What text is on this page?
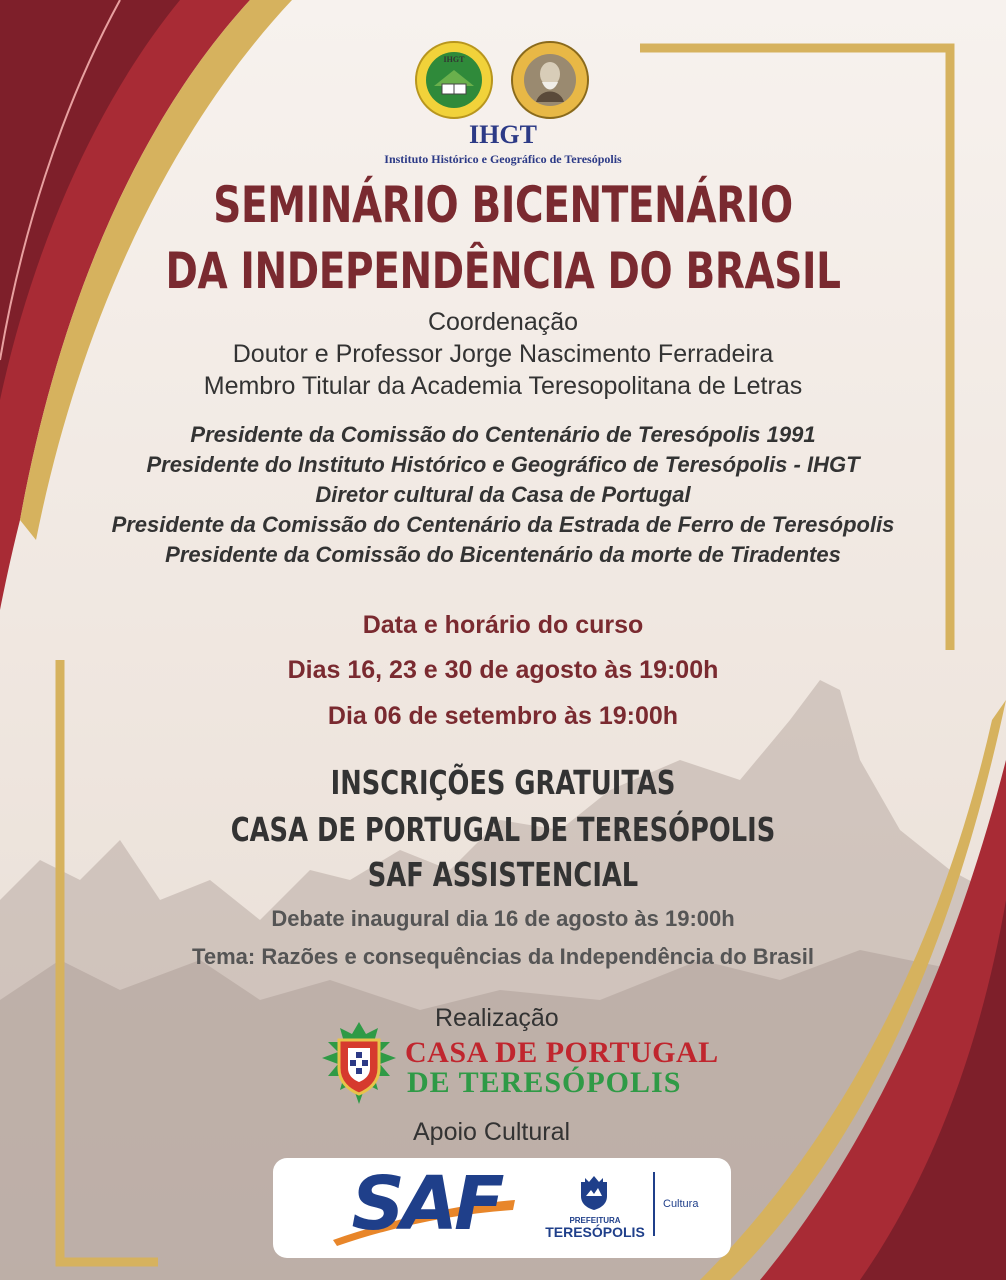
IHGT
IHGT
Instituto Histórico e Geográfico de Teresópolis
SEMINÁRIO BICENTENÁRIO
DA INDEPENDÊNCIA DO BRASIL
Coordenação
Doutor e Professor Jorge Nascimento Ferradeira
Membro Titular da Academia Teresopolitana de Letras
Presidente da Comissão do Centenário de Teresópolis 1991
Presidente do Instituto Histórico e Geográfico de Teresópolis - IHGT
Diretor cultural da Casa de Portugal
Presidente da Comissão do Centenário da Estrada de Ferro de Teresópolis
Presidente da Comissão do Bicentenário da morte de Tiradentes
Data e horário do curso
Dias 16, 23 e 30 de agosto às 19:00h
Dia 06 de setembro às 19:00h
INSCRIÇÕES GRATUITAS
CASA DE PORTUGAL DE TERESÓPOLIS
SAF ASSISTENCIAL
Debate inaugural dia 16 de agosto às 19:00h
Tema: Razões e consequências da Independência do Brasil
Realização
CASA DE PORTUGAL
DE TERESÓPOLIS
Apoio Cultural
SAF	PREFEITURA
TERESÓPOLIS
Cultura
